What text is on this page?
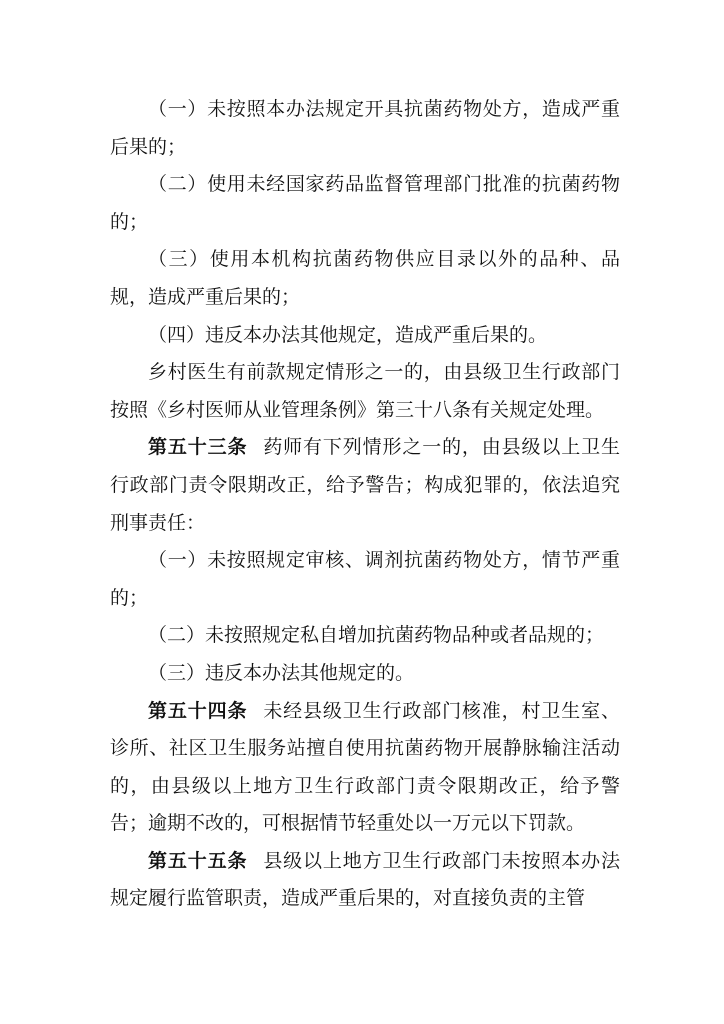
（一）未按照本办法规定开具抗菌药物处方，造成严重后果的；

（二）使用未经国家药品监督管理部门批准的抗菌药物的；

（三）使用本机构抗菌药物供应目录以外的品种、品规，造成严重后果的；

（四）违反本办法其他规定，造成严重后果的。

乡村医生有前款规定情形之一的，由县级卫生行政部门按照《乡村医师从业管理条例》第三十八条有关规定处理。

第五十三条 药师有下列情形之一的，由县级以上卫生行政部门责令限期改正，给予警告；构成犯罪的，依法追究刑事责任：

（一）未按照规定审核、调剂抗菌药物处方，情节严重的；

（二）未按照规定私自增加抗菌药物品种或者品规的；

（三）违反本办法其他规定的。

第五十四条 未经县级卫生行政部门核准，村卫生室、诊所、社区卫生服务站擅自使用抗菌药物开展静脉输注活动的，由县级以上地方卫生行政部门责令限期改正，给予警告；逾期不改的，可根据情节轻重处以一万元以下罚款。

第五十五条 县级以上地方卫生行政部门未按照本办法规定履行监管职责，造成严重后果的，对直接负责的主管
